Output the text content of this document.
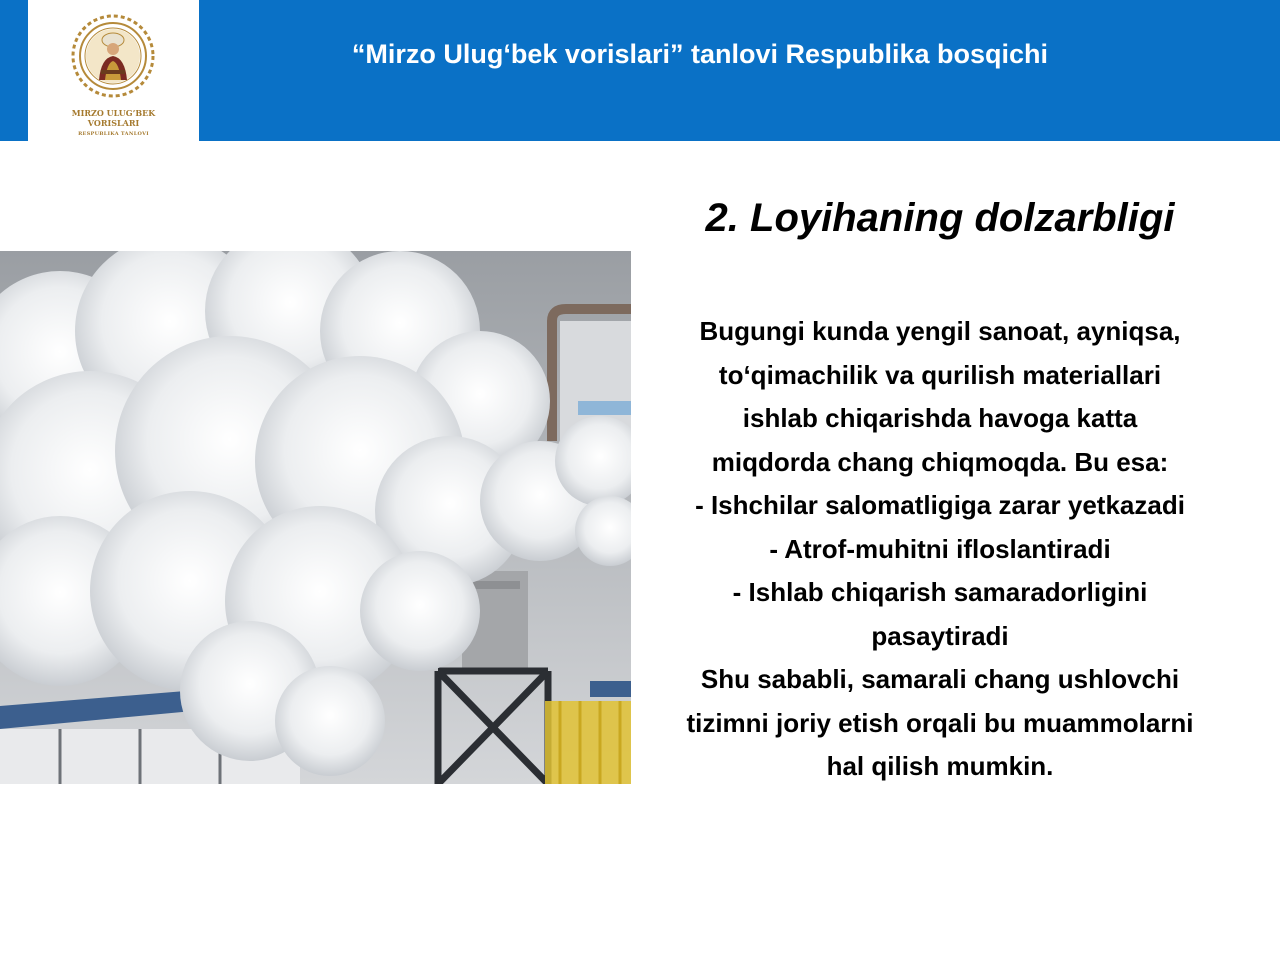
MIRZO ULUG’BEK
VORISLARI
RESPUBLIKA TANLOVI
“Mirzo Ulug‘bek vorislari” tanlovi Respublika bosqichi
2. Loyihaning dolzarbligi
Bugungi kunda yengil sanoat, ayniqsa,
to‘qimachilik va qurilish materiallari
ishlab chiqarishda havoga katta
miqdorda chang chiqmoqda. Bu esa:
- Ishchilar salomatligiga zarar yetkazadi
- Atrof-muhitni ifloslantiradi
- Ishlab chiqarish samaradorligini
pasaytiradi
Shu sababli, samarali chang ushlovchi
tizimni joriy etish orqali bu muammolarni
hal qilish mumkin.
